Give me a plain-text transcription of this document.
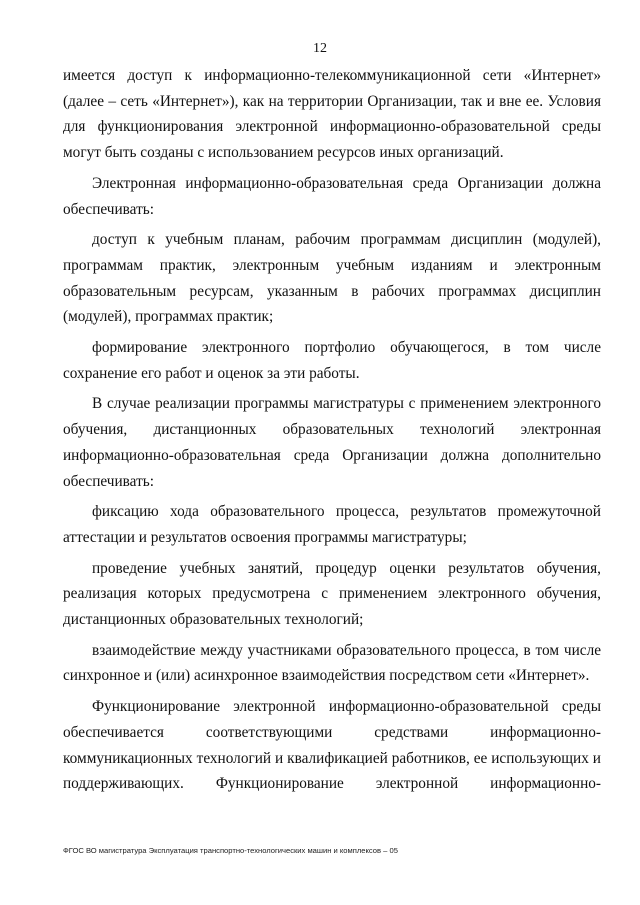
12

имеется доступ к информационно-телекоммуникационной сети «Интернет» (далее – сеть «Интернет»), как на территории Организации, так и вне ее. Условия для функционирования электронной информационно-образовательной среды могут быть созданы с использованием ресурсов иных организаций.

Электронная информационно-образовательная среда Организации должна обеспечивать:

доступ к учебным планам, рабочим программам дисциплин (модулей), программам практик, электронным учебным изданиям и электронным образовательным ресурсам, указанным в рабочих программах дисциплин (модулей), программах практик;

формирование электронного портфолио обучающегося, в том числе сохранение его работ и оценок за эти работы.

В случае реализации программы магистратуры с применением электронного обучения, дистанционных образовательных технологий электронная информационно-образовательная среда Организации должна дополнительно обеспечивать:

фиксацию хода образовательного процесса, результатов промежуточной аттестации и результатов освоения программы магистратуры;

проведение учебных занятий, процедур оценки результатов обучения, реализация которых предусмотрена с применением электронного обучения, дистанционных образовательных технологий;

взаимодействие между участниками образовательного процесса, в том числе синхронное и (или) асинхронное взаимодействия посредством сети «Интернет».

Функционирование электронной информационно-образовательной среды обеспечивается соответствующими средствами информационно-коммуникационных технологий и квалификацией работников, ее использующих и поддерживающих. Функционирование электронной информационно-

ФГОС ВО магистратура Эксплуатация транспортно-технологических машин и комплексов – 05
